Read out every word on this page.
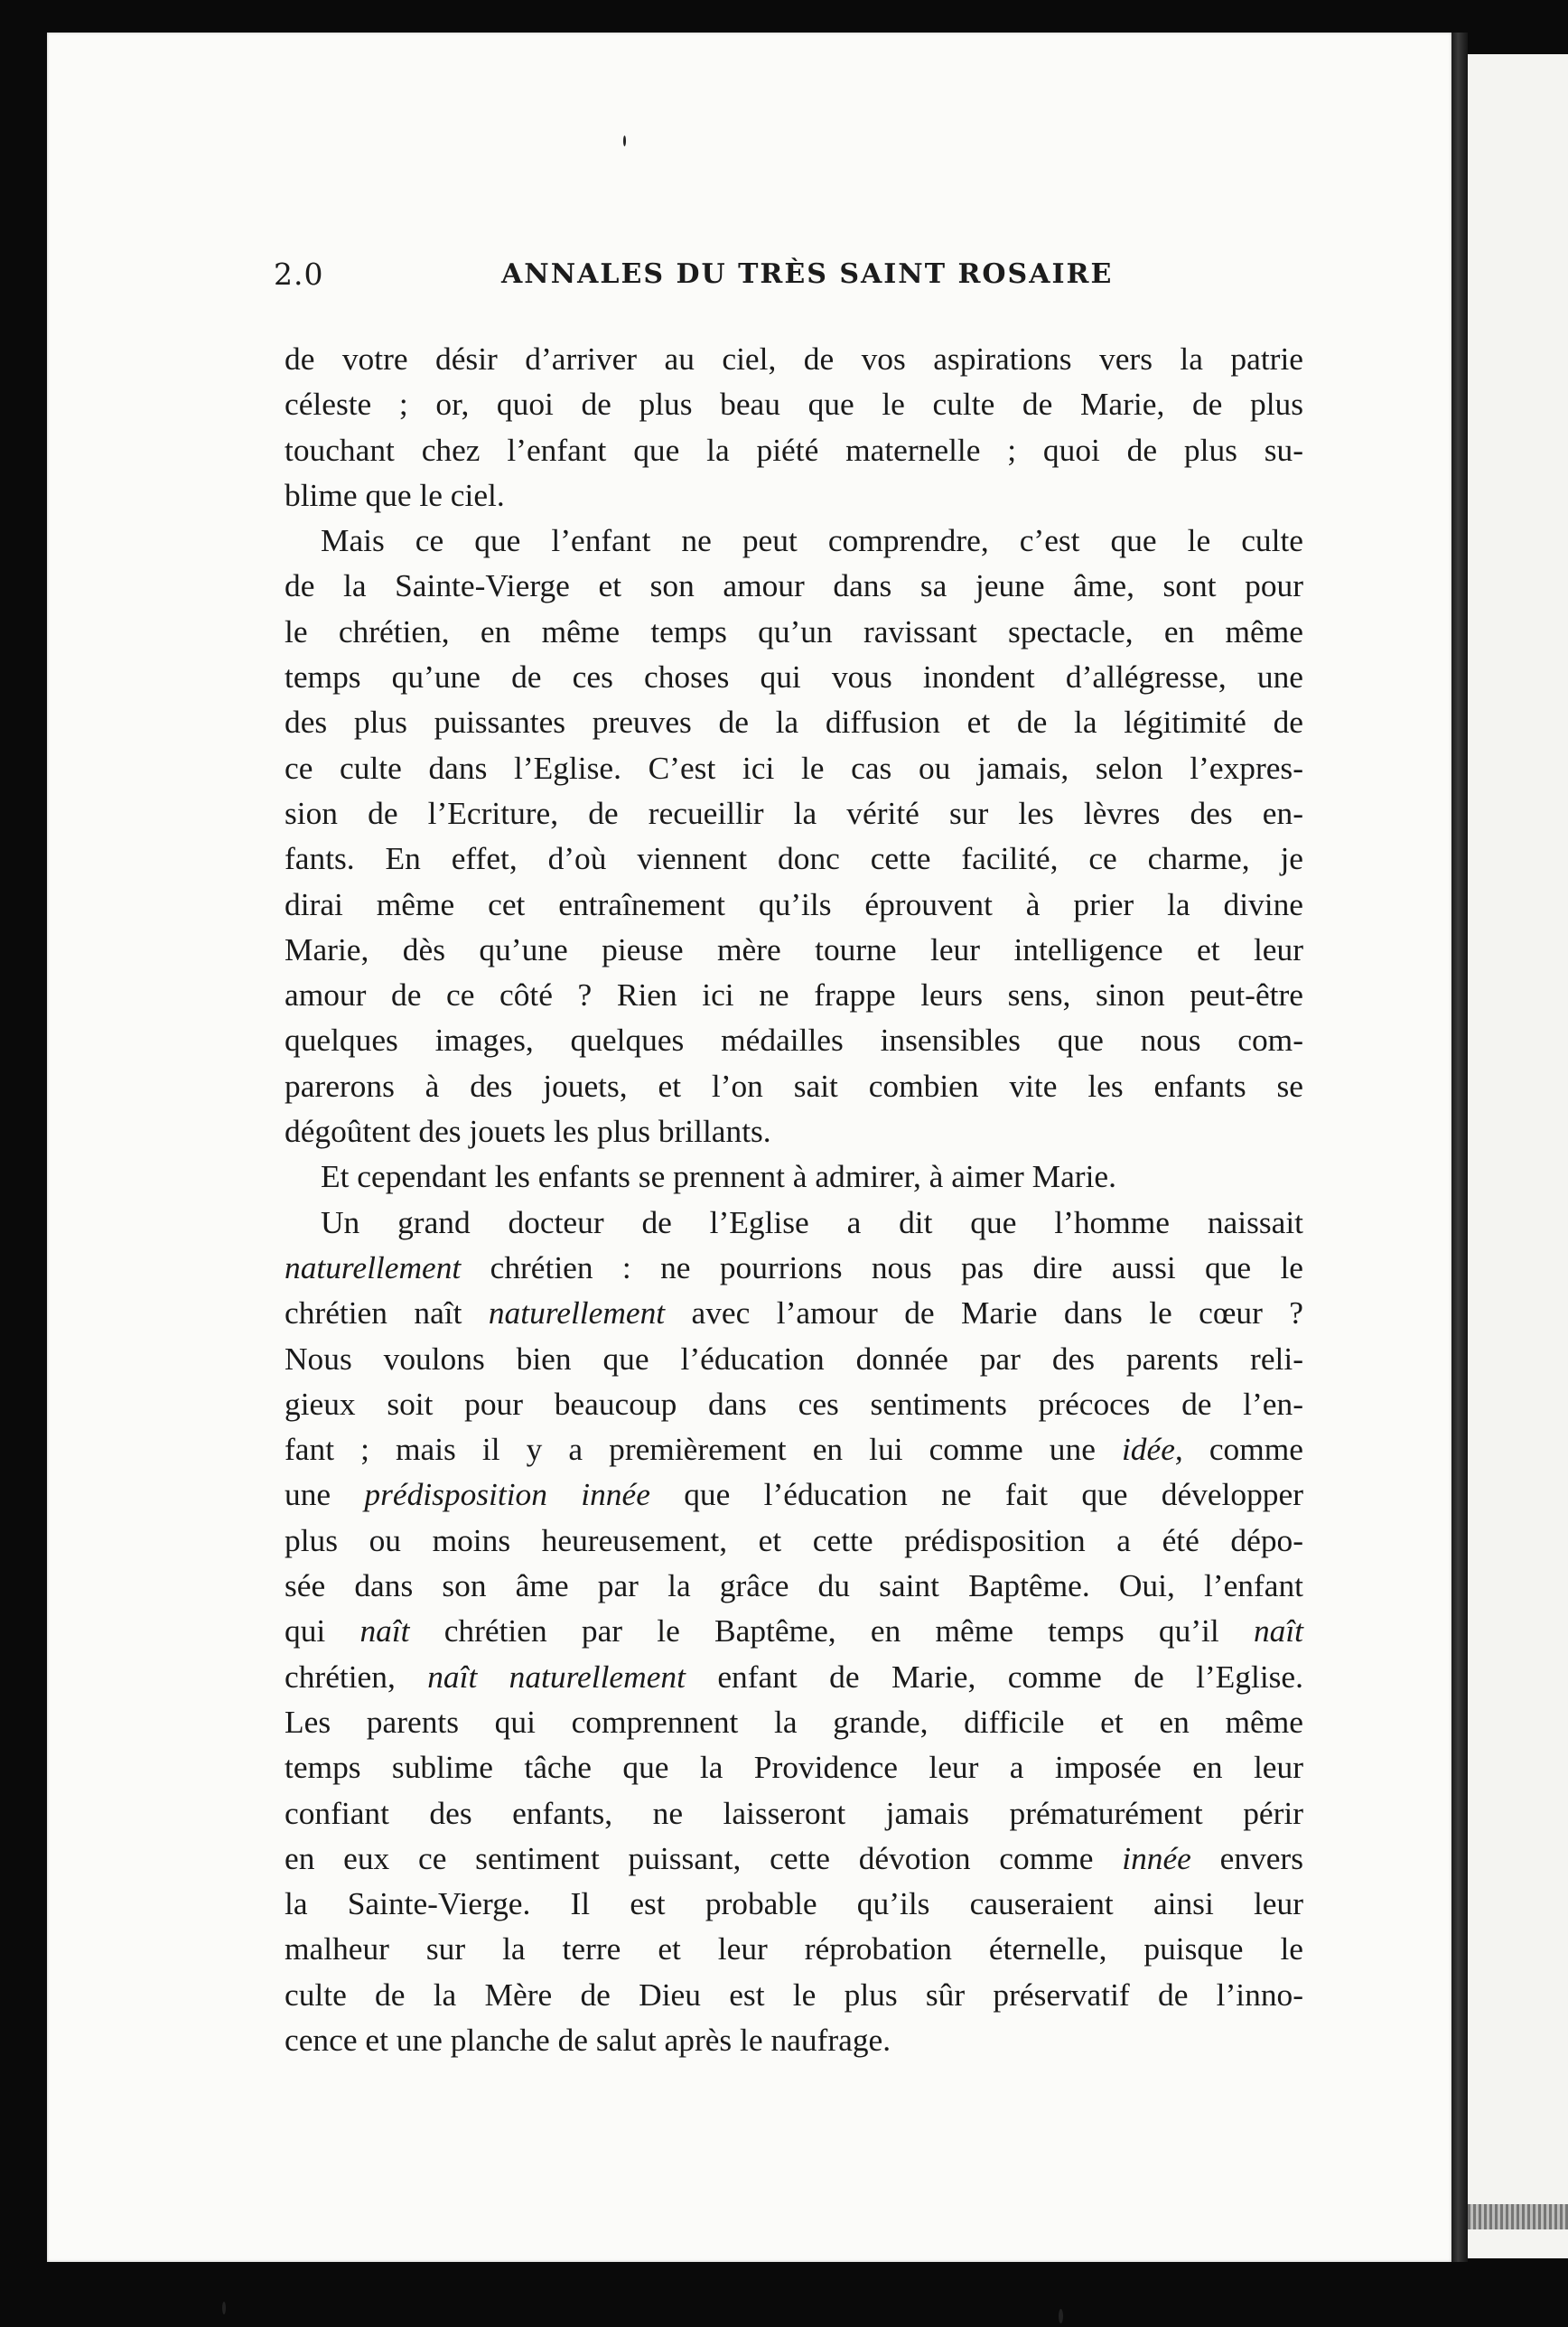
2.0	ANNALES DU TRÈS SAINT ROSAIRE
de votre désir d’arriver au ciel, de vos aspirations vers la patrie
céleste ; or, quoi de plus beau que le culte de Marie, de plus
touchant chez l’enfant que la piété maternelle ; quoi de plus su-
blime que le ciel.
Mais ce que l’enfant ne peut comprendre, c’est que le culte
de la Sainte-Vierge et son amour dans sa jeune âme, sont pour
le chrétien, en même temps qu’un ravissant spectacle, en même
temps qu’une de ces choses qui vous inondent d’allégresse, une
des plus puissantes preuves de la diffusion et de la légitimité de
ce culte dans l’Eglise. C’est ici le cas ou jamais, selon l’expres-
sion de l’Ecriture, de recueillir la vérité sur les lèvres des en-
fants. En effet, d’où viennent donc cette facilité, ce charme, je
dirai même cet entraînement qu’ils éprouvent à prier la divine
Marie, dès qu’une pieuse mère tourne leur intelligence et leur
amour de ce côté ? Rien ici ne frappe leurs sens, sinon peut-être
quelques images, quelques médailles insensibles que nous com-
parerons à des jouets, et l’on sait combien vite les enfants se
dégoûtent des jouets les plus brillants.
Et cependant les enfants se prennent à admirer, à aimer Marie.
Un grand docteur de l’Eglise a dit que l’homme naissait
naturellement chrétien : ne pourrions nous pas dire aussi que le
chrétien naît naturellement avec l’amour de Marie dans le cœur ?
Nous voulons bien que l’éducation donnée par des parents reli-
gieux soit pour beaucoup dans ces sentiments précoces de l’en-
fant ; mais il y a premièrement en lui comme une idée, comme
une prédisposition innée que l’éducation ne fait que développer
plus ou moins heureusement, et cette prédisposition a été dépo-
sée dans son âme par la grâce du saint Baptême. Oui, l’enfant
qui naît chrétien par le Baptême, en même temps qu’il naît
chrétien, naît naturellement enfant de Marie, comme de l’Eglise.
Les parents qui comprennent la grande, difficile et en même
temps sublime tâche que la Providence leur a imposée en leur
confiant des enfants, ne laisseront jamais prématurément périr
en eux ce sentiment puissant, cette dévotion comme innée envers
la Sainte-Vierge. Il est probable qu’ils causeraient ainsi leur
malheur sur la terre et leur réprobation éternelle, puisque le
culte de la Mère de Dieu est le plus sûr préservatif de l’inno-
cence et une planche de salut après le naufrage.
